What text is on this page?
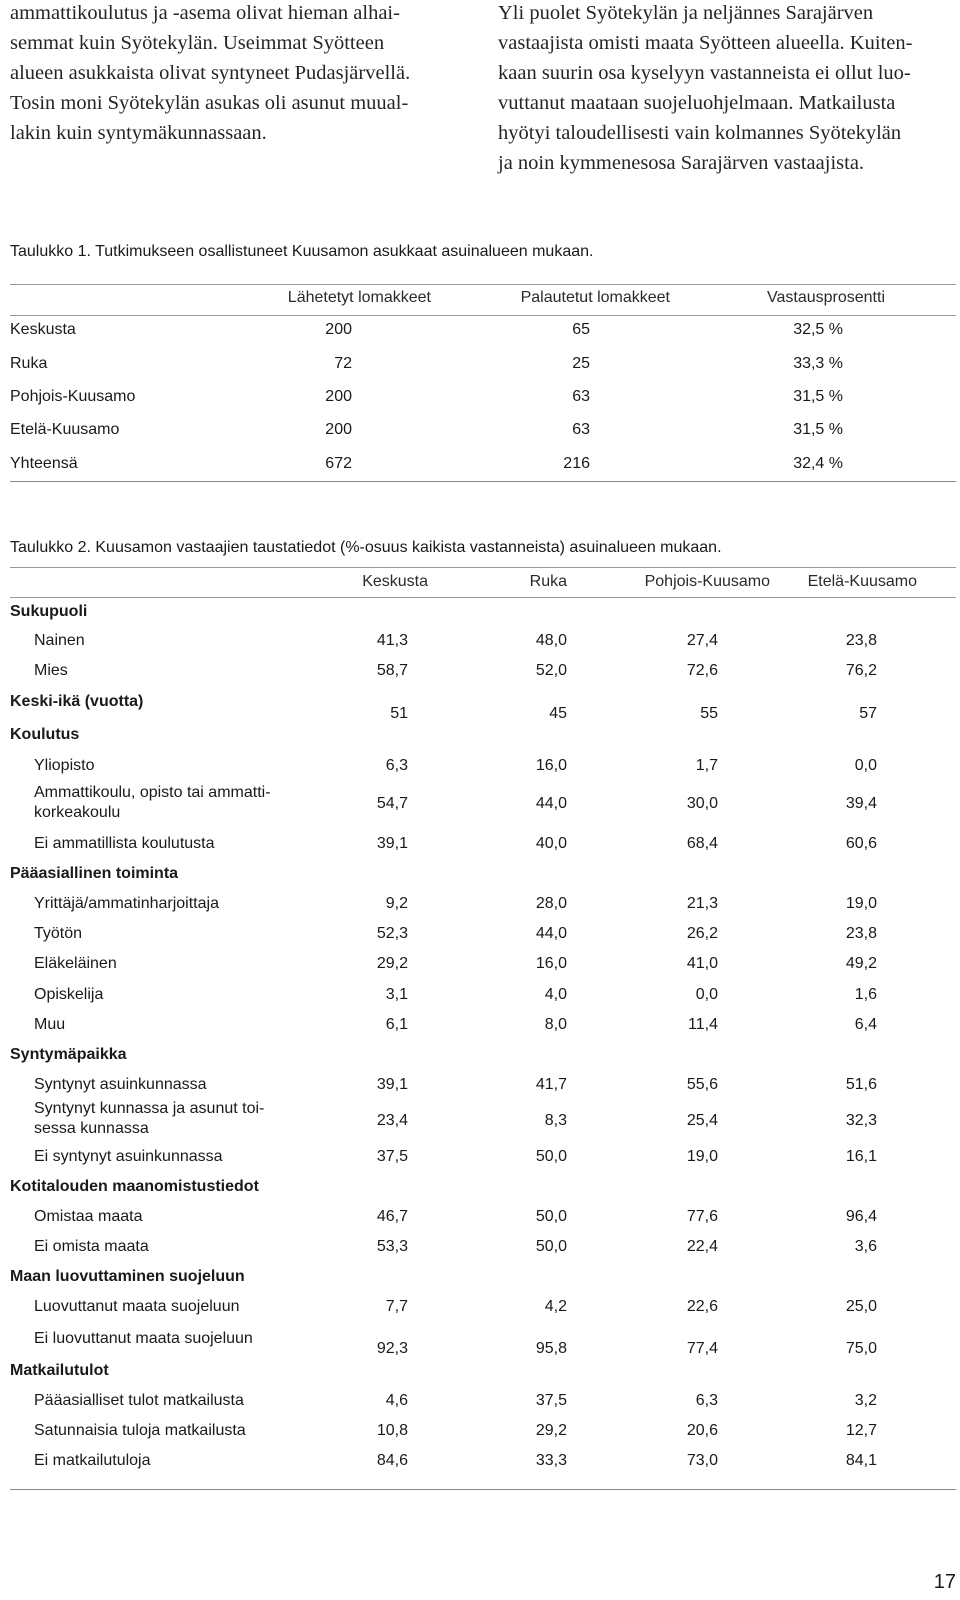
ammattikoulutus ja -asema olivat hieman alhai-
semmat kuin Syötekylän. Useimmat Syötteen
alueen asukkaista olivat syntyneet Pudasjärvellä.
Tosin moni Syötekylän asukas oli asunut muual-
lakin kuin syntymäkunnassaan.
Yli puolet Syötekylän ja neljännes Sarajärven
vastaajista omisti maata Syötteen alueella. Kuiten-
kaan suurin osa kyselyyn vastanneista ei ollut luo-
vuttanut maataan suojeluohjelmaan. Matkailusta
hyötyi taloudellisesti vain kolmannes Syötekylän
ja noin kymmenesosa Sarajärven vastaajista.
Taulukko 1. Tutkimukseen osallistuneet Kuusamon asukkaat asuinalueen mukaan.
Lähetetyt lomakkeet	Palautetut lomakkeet	Vastausprosentti
Keskusta	200	65	32,5 %
Ruka	72	25	33,3 %
Pohjois-Kuusamo	200	63	31,5 %
Etelä-Kuusamo	200	63	31,5 %
Yhteensä	672	216	32,4 %
Taulukko 2. Kuusamon vastaajien taustatiedot (%-osuus kaikista vastanneista) asuinalueen mukaan.
Keskusta	Ruka	Pohjois-Kuusamo Etelä-Kuusamo
Sukupuoli
Nainen	41,3	48,0	27,4	23,8
Mies	58,7	52,0	72,6	76,2
Keski-ikä (vuotta)
51	45	55	57
Koulutus
Yliopisto	6,3	16,0	1,7	0,0
Ammattikoulu, opisto tai ammatti-
korkeakoulu
54,7	44,0	30,0	39,4
Ei ammatillista koulutusta	39,1	40,0	68,4	60,6
Pääasiallinen toiminta
Yrittäjä/ammatinharjoittaja	9,2	28,0	21,3	19,0
Työtön	52,3	44,0	26,2	23,8
Eläkeläinen	29,2	16,0	41,0	49,2
Opiskelija	3,1	4,0	0,0	1,6
Muu	6,1	8,0	11,4	6,4
Syntymäpaikka
Syntynyt asuinkunnassa	39,1	41,7	55,6	51,6
Syntynyt kunnassa ja asunut toi-
sessa kunnassa	23,4	8,3	25,4	32,3
Ei syntynyt asuinkunnassa	37,5	50,0	19,0	16,1
Kotitalouden maanomistustiedot
Omistaa maata	46,7	50,0	77,6	96,4
Ei omista maata	53,3	50,0	22,4	3,6
Maan luovuttaminen suojeluun
Luovuttanut maata suojeluun	7,7	4,2	22,6	25,0
Ei luovuttanut maata suojeluun
92,3	95,8	77,4	75,0
Matkailutulot
Pääasialliset tulot matkailusta	4,6	37,5	6,3	3,2
Satunnaisia tuloja matkailusta	10,8	29,2	20,6	12,7
Ei matkailutuloja	84,6	33,3	73,0	84,1
17
